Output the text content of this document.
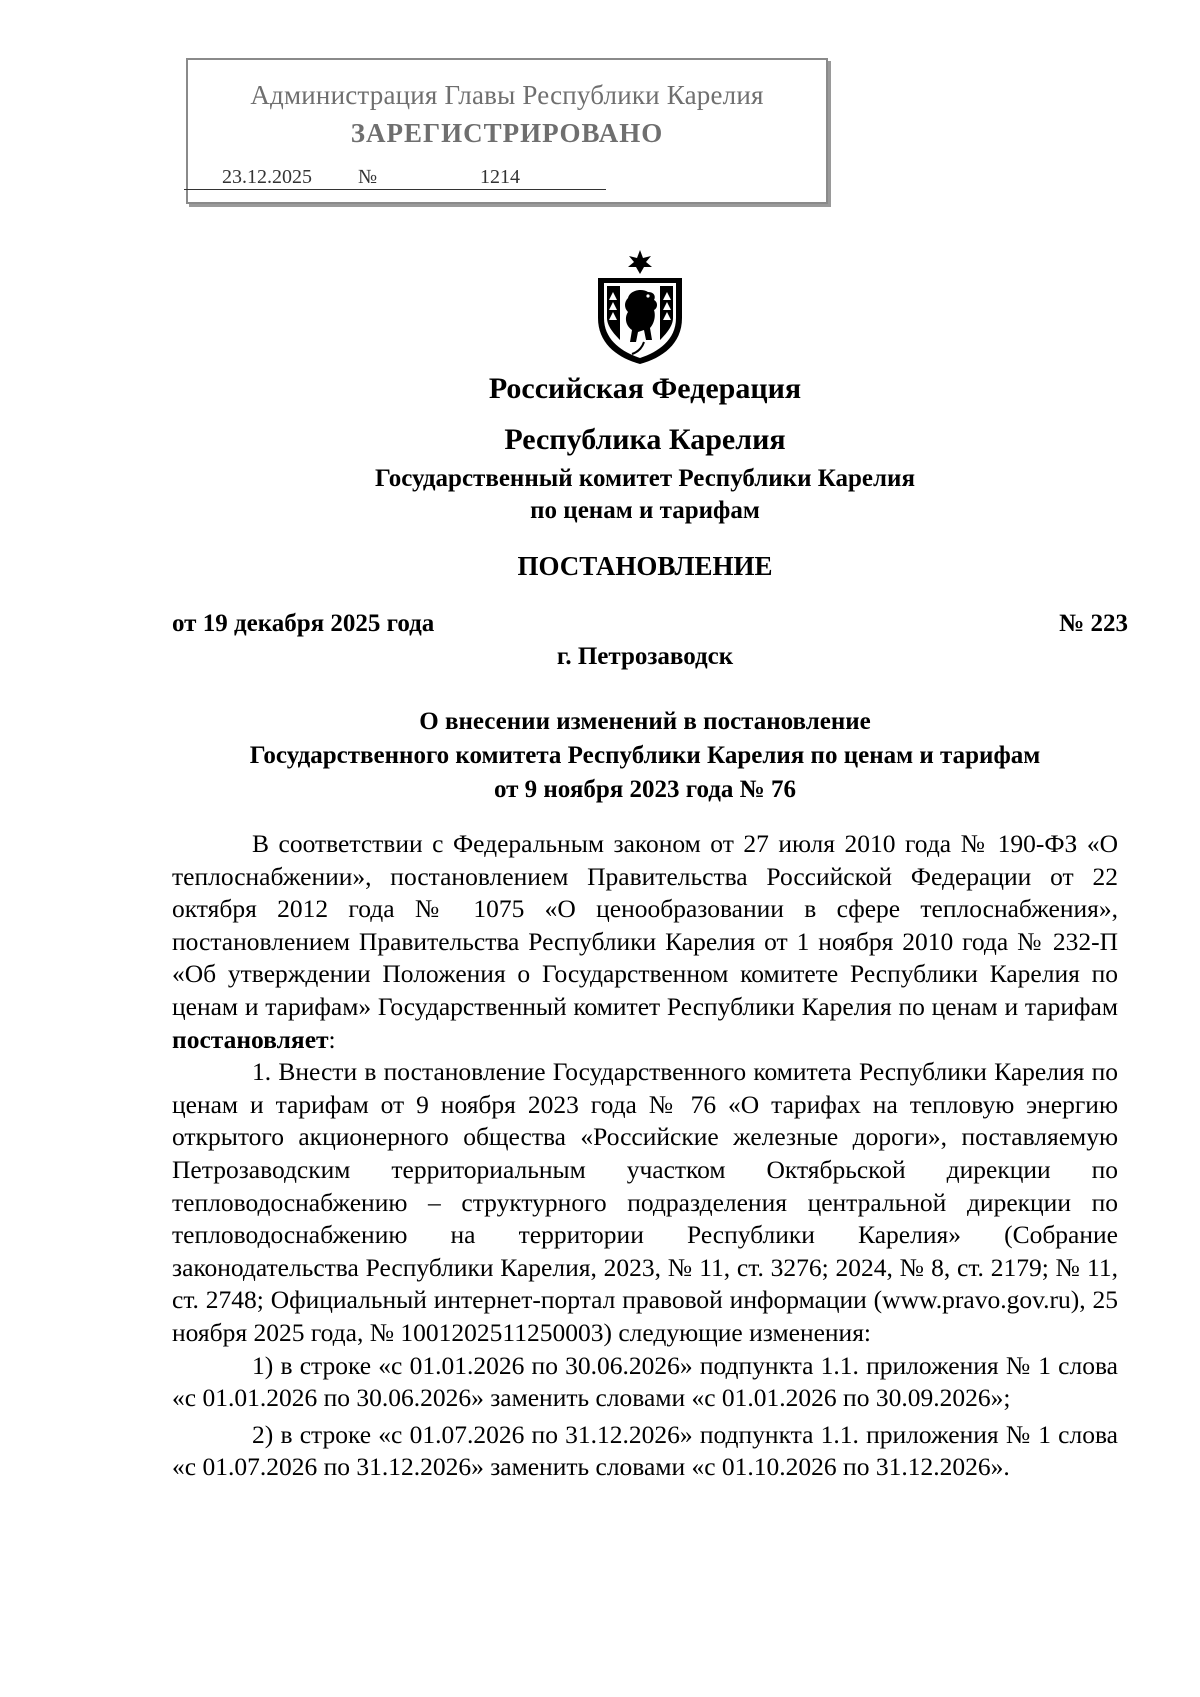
Администрация Главы Республики Карелия
ЗАРЕГИСТРИРОВАНО
23.12.2025 №	1214
Российская Федерация
Республика Карелия
Государственный комитет Республики Карелия
по ценам и тарифам
ПОСТАНОВЛЕНИЕ
от 19 декабря 2025 года	№ 223
г. Петрозаводск
О внесении изменений в постановление
Государственного комитета Республики Карелия по ценам и тарифам
от 9 ноября 2023 года № 76

В соответствии с Федеральным законом от 27 июля 2010 года № 190-ФЗ «О теплоснабжении», постановлением Правительства Российской Федерации от 22 октября 2012 года № 1075 «О ценообразовании в сфере теплоснабжения», постановлением Правительства Республики Карелия от 1 ноября 2010 года № 232-П «Об утверждении Положения о Государственном комитете Республики Карелия по ценам и тарифам» Государственный комитет Республики Карелия по ценам и тарифам постановляет:

1. Внести в постановление Государственного комитета Республики Карелия по ценам и тарифам от 9 ноября 2023 года № 76 «О тарифах на тепловую энергию открытого акционерного общества «Российские железные дороги», поставляемую Петрозаводским территориальным участком Октябрьской дирекции по тепловодоснабжению – структурного подразделения центральной дирекции по тепловодоснабжению на территории Республики Карелия» (Собрание законодательства Республики Карелия, 2023, № 11, ст. 3276; 2024, № 8, ст. 2179; № 11, ст. 2748; Официальный интернет-портал правовой информации (www.pravo.gov.ru), 25 ноября 2025 года, № 1001202511250003) следующие изменения:

1) в строке «с 01.01.2026 по 30.06.2026» подпункта 1.1. приложения № 1 слова «с 01.01.2026 по 30.06.2026» заменить словами «с 01.01.2026 по 30.09.2026»;

2) в строке «с 01.07.2026 по 31.12.2026» подпункта 1.1. приложения № 1 слова «с 01.07.2026 по 31.12.2026» заменить словами «с 01.10.2026 по 31.12.2026».
